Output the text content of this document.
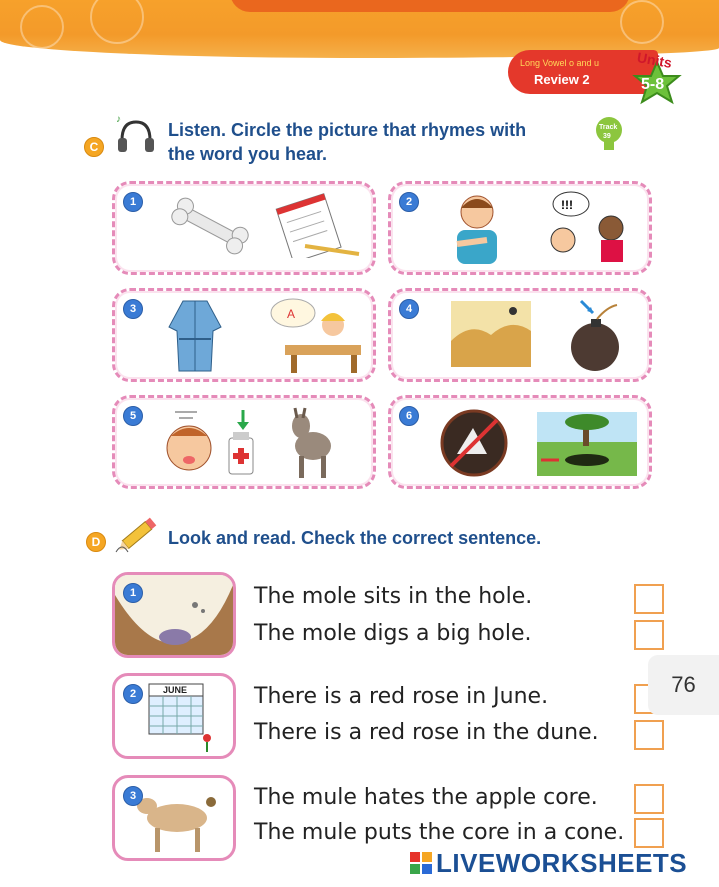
Long Vowel o and u
Review 2
Units
5-8
C
♪
Listen. Circle the picture that rhymes with
the word you hear.
Track
39
1	2	!!!
3	A	4
5	6
D	Look and read. Check the correct sentence.
1	The mole sits in the hole.
The mole digs a big hole.
2	JUNE	There is a red rose in June.
There is a red rose in the dune.
3	The mule hates the apple core.
The mule puts the core in a cone.
76
LIVEWORKSHEETS
